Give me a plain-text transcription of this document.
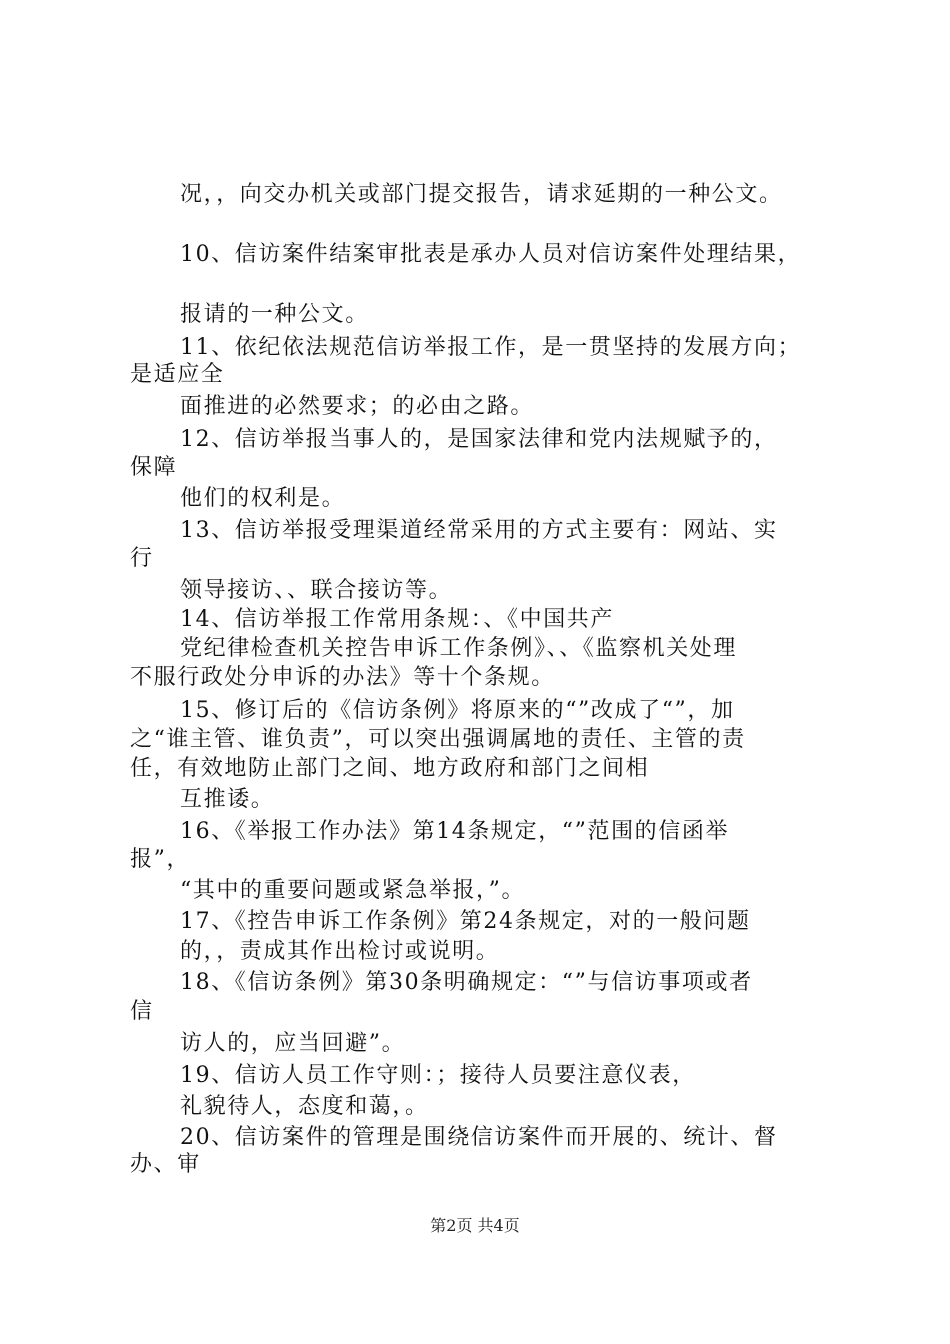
况，，向交办机关或部门提交报告，请求延期的一种公文。
10、信访案件结案审批表是承办人员对信访案件处理结果，
报请的一种公文。
11、依纪依法规范信访举报工作，是一贯坚持的发展方向；
是适应全
面推进的必然要求；的必由之路。
12、信访举报当事人的，是国家法律和党内法规赋予的，
保障
他们的权利是。
13、信访举报受理渠道经常采用的方式主要有：网站、实
行
领导接访、、联合接访等。
14、信访举报工作常用条规：、《中国共产
党纪律检查机关控告申诉工作条例》、、《监察机关处理
不服行政处分申诉的办法》等十个条规。
15、修订后的《信访条例》将原来的“”改成了“”，加
之“谁主管、谁负责”，可以突出强调属地的责任、主管的责
任，有效地防止部门之间、地方政府和部门之间相
互推诿。
16、《举报工作办法》第14条规定，“”范围的信函举
报”，
“其中的重要问题或紧急举报，”。
17、《控告申诉工作条例》第24条规定，对的一般问题
的，，责成其作出检讨或说明。
18、《信访条例》第30条明确规定：“”与信访事项或者
信
访人的，应当回避”。
19、信访人员工作守则：；接待人员要注意仪表，
礼貌待人，态度和蔼，。
20、信访案件的管理是围绕信访案件而开展的、统计、督
办、审
第2页 共4页
